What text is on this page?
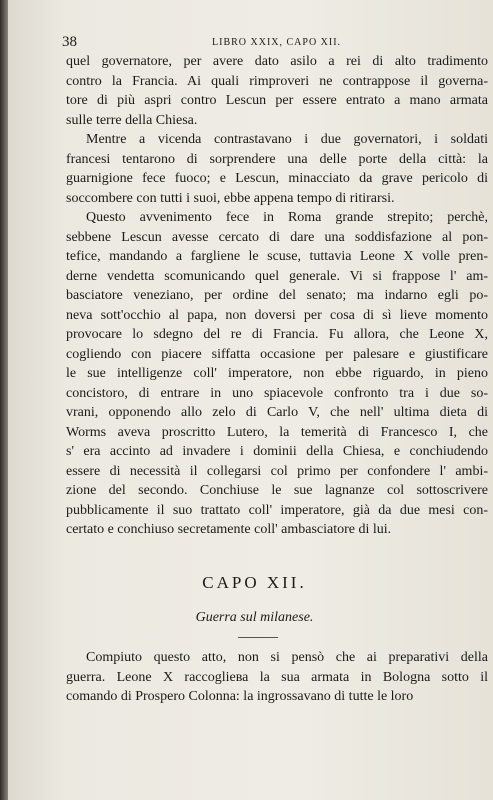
38	LIBRO XXIX, CAPO XII.
quel governatore, per avere dato asilo a rei di alto tradimento
contro la Francia. Ai quali rimproveri ne contrappose il governa-
tore di più aspri contro Lescun per essere entrato a mano armata
sulle terre della Chiesa.
Mentre a vicenda contrastavano i due governatori, i soldati
francesi tentarono di sorprendere una delle porte della città: la
guarnigione fece fuoco; e Lescun, minacciato da grave pericolo di
soccombere con tutti i suoi, ebbe appena tempo di ritirarsi.
Questo avvenimento fece in Roma grande strepito; perchè,
sebbene Lescun avesse cercato di dare una soddisfazione al pon-
tefice, mandando a fargliene le scuse, tuttavia Leone X volle pren-
derne vendetta scomunicando quel generale. Vi si frappose l' am-
basciatore veneziano, per ordine del senato; ma indarno egli po-
neva sott'occhio al papa, non doversi per cosa di sì lieve momento
provocare lo sdegno del re di Francia. Fu allora, che Leone X,
cogliendo con piacere siffatta occasione per palesare e giustificare
le sue intelligenze coll' imperatore, non ebbe riguardo, in pieno
concistoro, di entrare in uno spiacevole confronto tra i due so-
vrani, opponendo allo zelo di Carlo V, che nell' ultima dieta di
Worms aveva proscritto Lutero, la temerità di Francesco I, che
s' era accinto ad invadere i dominii della Chiesa, e conchiudendo
essere di necessità il collegarsi col primo per confondere l' ambi-
zione del secondo. Conchiuse le sue lagnanze col sottoscrivere
pubblicamente il suo trattato coll' imperatore, già da due mesi con-
certato e conchiuso secretamente coll' ambasciatore di lui.
CAPO XII.
Guerra sul milanese.
Compiuto questo atto, non si pensò che ai preparativi della
guerra. Leone X raccogliева la sua armata in Bologna sotto il
comando di Prospero Colonna: la ingrossavano di tutte le loro
